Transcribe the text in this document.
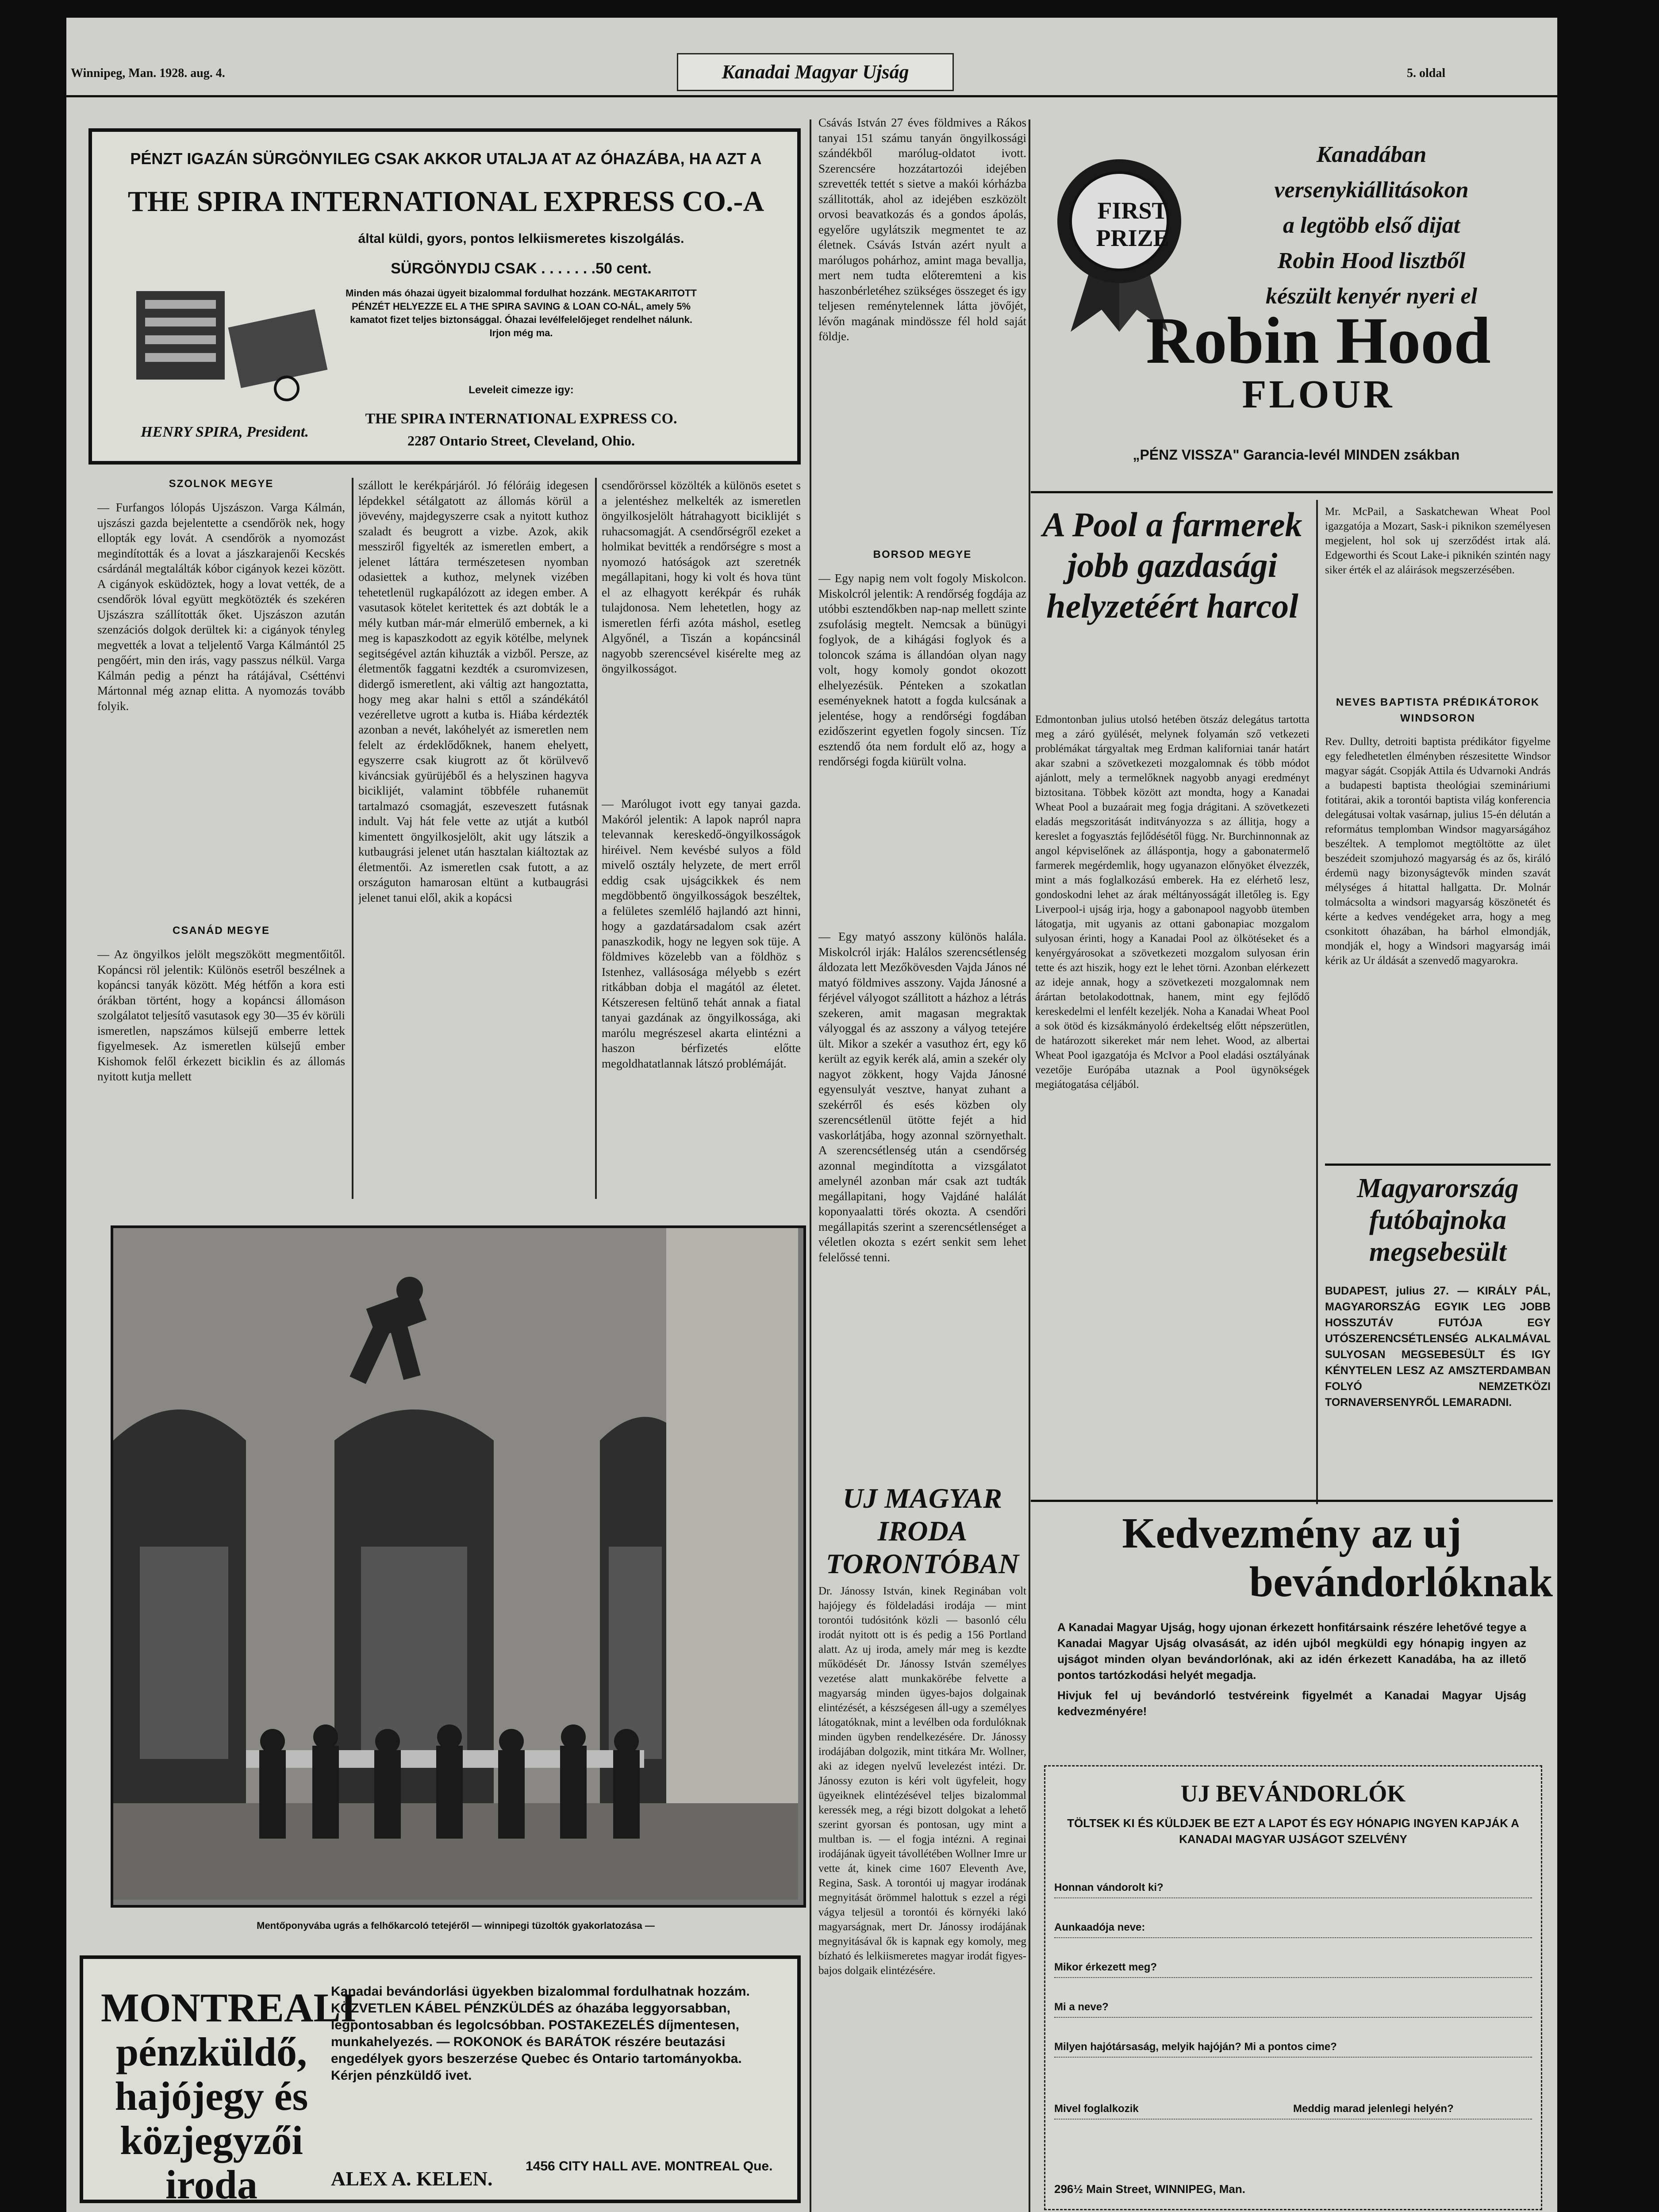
Winnipeg, Man. 1928. aug. 4.	Kanadai Magyar Ujság	5. oldal
PÉNZT IGAZÁN SÜRGÖNYILEG CSAK AKKOR UTALJA AT AZ ÓHAZÁBA, HA AZT A
THE SPIRA INTERNATIONAL EXPRESS CO.-A
által küldi, gyors, pontos lelkiismeretes kiszolgálás.
SÜRGÖNYDIJ CSAK . . . . . . .50 cent.
Minden más óhazai ügyeit bizalommal fordulhat hozzánk. MEGTAKARITOTT PÉNZÉT HELYEZZE EL A THE SPIRA SAVING & LOAN CO-NÁL, amely 5% kamatot fizet teljes biztonsággal. Óhazai levélfelelőjeget rendelhet nálunk. Irjon még ma.
Leveleit cimezze igy:
THE SPIRA INTERNATIONAL EXPRESS CO.
2287 Ontario Street, Cleveland, Ohio.
HENRY SPIRA, President.
SZOLNOK MEGYE
— Furfangos lólopás Ujszászon. Varga Kálmán, ujszászi gazda bejelentette a csendőrök nek, hogy ellopták egy lovát. A csendőrök a nyomozást megindították és a lovat a jászkarajenői Kecskés csárdánál megtalálták kóbor cigányok kezei között. A cigányok esküdöztek, hogy a lovat vették, de a csendőrök lóval együtt megkötözték és szekéren Ujszászra szállították őket. Ujszászon azután szenzációs dolgok derültek ki: a cigányok tényleg megvették a lovat a teljelentő Varga Kálmántól 25 pengőért, min den irás, vagy passzus nélkül. Varga Kálmán pedig a pénzt ha rátájával, Csétténvi Mártonnal még aznap elitta. A nyomozás tovább folyik.
CSANÁD MEGYE
— Az öngyilkos jelölt megszökött megmentőitől. Kopáncsi röl jelentik: Különös esetről beszélnek a kopáncsi tanyák között. Még hétfőn a kora esti órákban történt, hogy a kopáncsi állomáson szolgálatot teljesítő vasutasok egy 30—35 év körüli ismeretlen, napszámos külsejű emberre lettek figyelmesek. Az ismeretlen külsejű ember Kishomok felől érkezett biciklin és az állomás nyitott kutja mellett
szállott le kerékpárjáról. Jó félóráig idegesen lépdekkel sétálgatott az állomás körül a jövevény, majdegyszerre csak a nyitott kuthoz szaladt és beugrott a vizbe. Azok, akik messziről figyelték az ismeretlen embert, a jelenet láttára természetesen nyomban odasiettek a kuthoz, melynek vizében tehetetlenül rugkapálózott az idegen ember. A vasutasok kötelet keritettek és azt dobták le a mély kutban már-már elmerülő embernek, a ki meg is kapaszkodott az egyik kötélbe, melynek segitségével aztán kihuzták a vizből. Persze, az életmentők faggatni kezdték a csuromvizesen, didergő ismeretlent, aki váltig azt hangoztatta, hogy meg akar halni s ettől a szándékától vezérelletve ugrott a kutba is. Hiába kérdezték azonban a nevét, lakóhelyét az ismeretlen nem felelt az érdeklődőknek, hanem ehelyett, egyszerre csak kiugrott az őt körülvevő kiváncsiak gyürüjéből és a helyszinen hagyva biciklijét, valamint többféle ruhanemüt tartalmazó csomagját, eszeveszett futásnak indult. Vaj hát fele vette az utját a kutból kimentett öngyilkosjelölt, akit ugy látszik a kutbaugrási jelenet után hasztalan kiáltoztak az életmentői. Az ismeretlen csak futott, a az országuton hamarosan eltünt a kutbaugrási jelenet tanui elől, akik a kopácsi
csendőrörssel közölték a különös esetet s a jelentéshez melkelték az ismeretlen öngyilkosjelölt hátrahagyott biciklijét s ruhacsomagját. A csendőrségről ezeket a holmikat bevitték a rendőrségre s most a nyomozó hatóságok azt szeretnék megállapitani, hogy ki volt és hova tünt el az elhagyott kerékpár és ruhák tulajdonosa. Nem lehetetlen, hogy az ismeretlen férfi azóta máshol, esetleg Algyőnél, a Tiszán a kopáncsinál nagyobb szerencsével kisérelte meg az öngyilkosságot.
— Marólugot ivott egy tanyai gazda. Makóról jelentik: A lapok napról napra televannak kereskedő-öngyilkosságok hiréivel. Nem kevésbé sulyos a föld mivelő osztály helyzete, de mert erről eddig csak ujságcikkek és nem megdöbbentő öngyilkosságok beszéltek, a felületes szemlélő hajlandó azt hinni, hogy a gazdatársadalom csak azért panaszkodik, hogy ne legyen sok tüje. A földmives közelebb van a földhöz s Istenhez, vallásosága mélyebb s ezért ritkábban dobja el magától az életet. Kétszeresen feltünő tehát annak a fiatal tanyai gazdának az öngyilkossága, aki marólu megrészesel akarta elintézni a haszon bérfizetés előtte megoldhatatlannak látszó problémáját.
Csávás István 27 éves földmives a Rákos tanyai 151 számu tanyán öngyilkossági szándékből marólug-oldatot ivott. Szerencsére hozzátartozói idejében szrevették tettét s sietve a makói kórházba szállitották, ahol az idejében eszközölt orvosi beavatkozás és a gondos ápolás, egyelőre ugylátszik megmentet te az életnek. Csávás István azért nyult a marólugos pohárhoz, amint maga bevallja, mert nem tudta előteremteni a kis haszonbérletéhez szükséges összeget és igy teljesen reménytelennek látta jövőjét, lévőn magának mindössze fél hold saját földje.
BORSOD MEGYE
— Egy napig nem volt fogoly Miskolcon. Miskolcról jelentik: A rendőrség fogdája az utóbbi esztendőkben nap-nap mellett szinte zsufolásig megtelt. Nemcsak a bünügyi foglyok, de a kihágási foglyok és a toloncok száma is állandóan olyan nagy volt, hogy komoly gondot okozott elhelyezésük. Pénteken a szokatlan eseményeknek hatott a fogda kulcsának a jelentése, hogy a rendőrségi fogdában ezidőszerint egyetlen fogoly sincsen. Tíz esztendő óta nem fordult elő az, hogy a rendőrségi fogda kiürült volna.
— Egy matyó asszony különös halála. Miskolcról irják: Halálos szerencsétlenség áldozata lett Mezőkövesden Vajda János né matyó földmives asszony. Vajda Jánosné a férjével vályogot szállitott a házhoz a létrás szekeren, amit magasan megraktak vályoggal és az asszony a vályog tetejére ült. Mikor a szekér a vasuthoz ért, egy kő került az egyik kerék alá, amin a szekér oly nagyot zökkent, hogy Vajda Jánosné egyensulyát vesztve, hanyat zuhant a szekérről és esés közben oly szerencsétlenül ütötte fejét a hid vaskorlátjába, hogy azonnal szörnyethalt. A szerencsétlenség után a csendőrség azonnal megindította a vizsgálatot amelynél azonban már csak azt tudták megállapitani, hogy Vajdáné halálát koponyaalatti törés okozta. A csendőri megállapitás szerint a szerencsétlenséget a véletlen okozta s ezért senkit sem lehet felelőssé tenni.
UJ MAGYAR IRODA TORONTÓBAN
Dr. Jánossy István, kinek Reginában volt hajójegy és földeladási irodája — mint torontói tudósitónk közli — basonló célu irodát nyitott ott is és pedig a 156 Portland alatt. Az uj iroda, amely már meg is kezdte működését Dr. Jánossy István személyes vezetése alatt munkakörébe felvette a magyarság minden ügyes-bajos dolgainak elintézését, a készségesen áll-ugy a személyes látogatóknak, mint a levélben oda fordulóknak minden ügyben rendelkezésére. Dr. Jánossy irodájában dolgozik, mint titkára Mr. Wollner, aki az idegen nyelvű levelezést intézi. Dr. Jánossy ezuton is kéri volt ügyfeleit, hogy ügyeiknek elintézésével teljes bizalommal keressék meg, a régi bizott dolgokat a lehető szerint gyorsan és pontosan, ugy mint a multban is. — el fogja intézni. A reginai irodájának ügyeit távollétében Wollner Imre ur vette át, kinek cime 1607 Eleventh Ave, Regina, Sask. A torontói uj magyar irodának megnyitását örömmel halottuk s ezzel a régi vágya teljesül a torontói és környéki lakó magyarságnak, mert Dr. Jánossy irodájának megnyitásával ők is kapnak egy komoly, meg bízható és lelkiismeretes magyar irodát figyes-bajos dolgaik elintézésére.
FIRST
PRIZE
Kanadában
versenykiállitásokon
a legtöbb első dijat
Robin Hood lisztből
készült kenyér nyeri el
Robin Hood
FLOUR
„PÉNZ VISSZA" Garancia-levél MINDEN zsákban
A Pool a farmerek jobb gazdasági helyzetéért harcol
Edmontonban julius utolsó hetében ötszáz delegátus tartotta meg a záró gyülését, melynek folyamán sző vetkezeti problémákat tárgyaltak meg Erdman kaliforniai tanár határt akar szabni a szövetkezeti mozgalomnak és több módot ajánlott, mely a termelőknek nagyobb anyagi eredményt biztositana. Többek között azt mondta, hogy a Kanadai Wheat Pool a buzaárait meg fogja drágitani. A szövetkezeti eladás megszoritását inditványozza s az állitja, hogy a kereslet a fogyasztás fejlődésétől függ. Nr. Burchinnonnak az angol képviselőnek az álláspontja, hogy a gabonatermelő farmerek megérdemlik, hogy ugyanazon előnyöket élvezzék, mint a más foglalkozású emberek. Ha ez elérhető lesz, gondoskodni lehet az árak méltányosságát illetőleg is. Egy Liverpool-i ujság irja, hogy a gabonapool nagyobb ütemben látogatja, mit ugyanis az ottani gabonapiac mozgalom sulyosan érinti, hogy a Kanadai Pool az ölkötéseket és a kenyérgyárosokat a szövetkezeti mozgalom sulyosan érin tette és azt hiszik, hogy ezt le lehet törni. Azonban elérkezett az ideje annak, hogy a szövetkezeti mozgalomnak nem árártan betolakodottnak, hanem, mint egy fejlődő kereskedelmi el lenfélt kezeljék. Noha a Kanadai Wheat Pool a sok ötöd és kizsákmányoló érdekeltség előtt népszerütlen, de határozott sikereket már nem lehet. Wood, az albertai Wheat Pool igazgatója és McIvor a Pool eladási osztályának vezetője Európába utaznak a Pool ügynökségek megiátogatása céljából.
Mr. McPail, a Saskatchewan Wheat Pool igazgatója a Mozart, Sask-i piknikon személyesen megjelent, hol sok uj szerződést irtak alá. Edgeworthi és Scout Lake-i piknikén szintén nagy siker érték el az aláirások megszerzésében.
NEVES BAPTISTA PRÉDIKÁTOROK WINDSORON
Rev. Dullty, detroiti baptista prédikátor figyelme egy feledhetetlen élményben részesitette Windsor magyar ságát. Csopják Attila és Udvarnoki András a budapesti baptista theológiai szemináriumi fotitárai, akik a torontói baptista világ konferencia delegátusai voltak vasárnap, julius 15-én délután a református templomban Windsor magyarságához beszéltek. A templomot megtöltötte az ület beszédeit szomjuhozó magyarság és az ős, királó érdemü nagy bizonyságtevők minden szavát mélységes á hitattal hallgatta. Dr. Molnár tolmácsolta a windsori magyarság köszönetét és kérte a kedves vendégeket arra, hogy a meg csonkitott óhazában, ha bárhol elmondják, mondják el, hogy a Windsori magyarság imái kérik az Ur áldását a szenvedő magyarokra.
Magyarország futóbajnoka megsebesült
BUDAPEST, julius 27. — KIRÁLY PÁL, MAGYARORSZÁG EGYIK LEG JOBB HOSSZUTÁV FUTÓJA EGY UTÓSZERENCSÉTLENSÉG ALKALMÁVAL SULYOSAN MEGSEBESÜLT ÉS IGY KÉNYTELEN LESZ AZ AMSZTERDAMBAN FOLYÓ NEMZETKÖZI TORNAVERSENYRŐL LEMARADNI.
Kedvezmény az uj
bevándorlóknak
A Kanadai Magyar Ujság, hogy ujonan érkezett honfitársaink részére lehetővé tegye a Kanadai Magyar Ujság olvasását, az idén ujból megküldi egy hónapig ingyen az ujságot minden olyan bevándorlónak, aki az idén érkezett Kanadába, ha az illető pontos tartózkodási helyét megadja.
Hivjuk fel uj bevándorló testvéreink figyelmét a Kanadai Magyar Ujság kedvezményére!
UJ BEVÁNDORLÓK
TÖLTSEK KI ÉS KÜLDJEK BE EZT A LAPOT ÉS EGY HÓNAPIG INGYEN KAPJÁK A KANADAI MAGYAR UJSÁGOT SZELVÉNY
Honnan vándorolt ki?
Aunkaadója neve:
Mikor érkezett meg?
Mi a neve?
Milyen hajótársaság, melyik hajóján? Mi a pontos cime?
Mivel foglalkozik	Meddig marad jelenlegi helyén?
296½ Main Street, WINNIPEG, Man.
Mentőponyvába ugrás a felhőkarcoló tetejéről — winnipegi tüzoltók gyakorlatozása —
MONTREALI pénzküldő, hajójegy és közjegyzői iroda
Kanadai bevándorlási ügyekben bizalommal fordulhatnak hozzám. KÖZVETLEN KÁBEL PÉNZKÜLDÉS az óhazába leggyorsabban, legpontosabban és legolcsóbban. POSTAKEZELÉS díjmentesen, munkahelyezés. — ROKONOK és BARÁTOK részére beutazási engedélyek gyors beszerzése Quebec és Ontario tartományokba. Kérjen pénzküldő ivet.
ALEX A. KELEN.
1456 CITY HALL AVE. MONTREAL Que.
